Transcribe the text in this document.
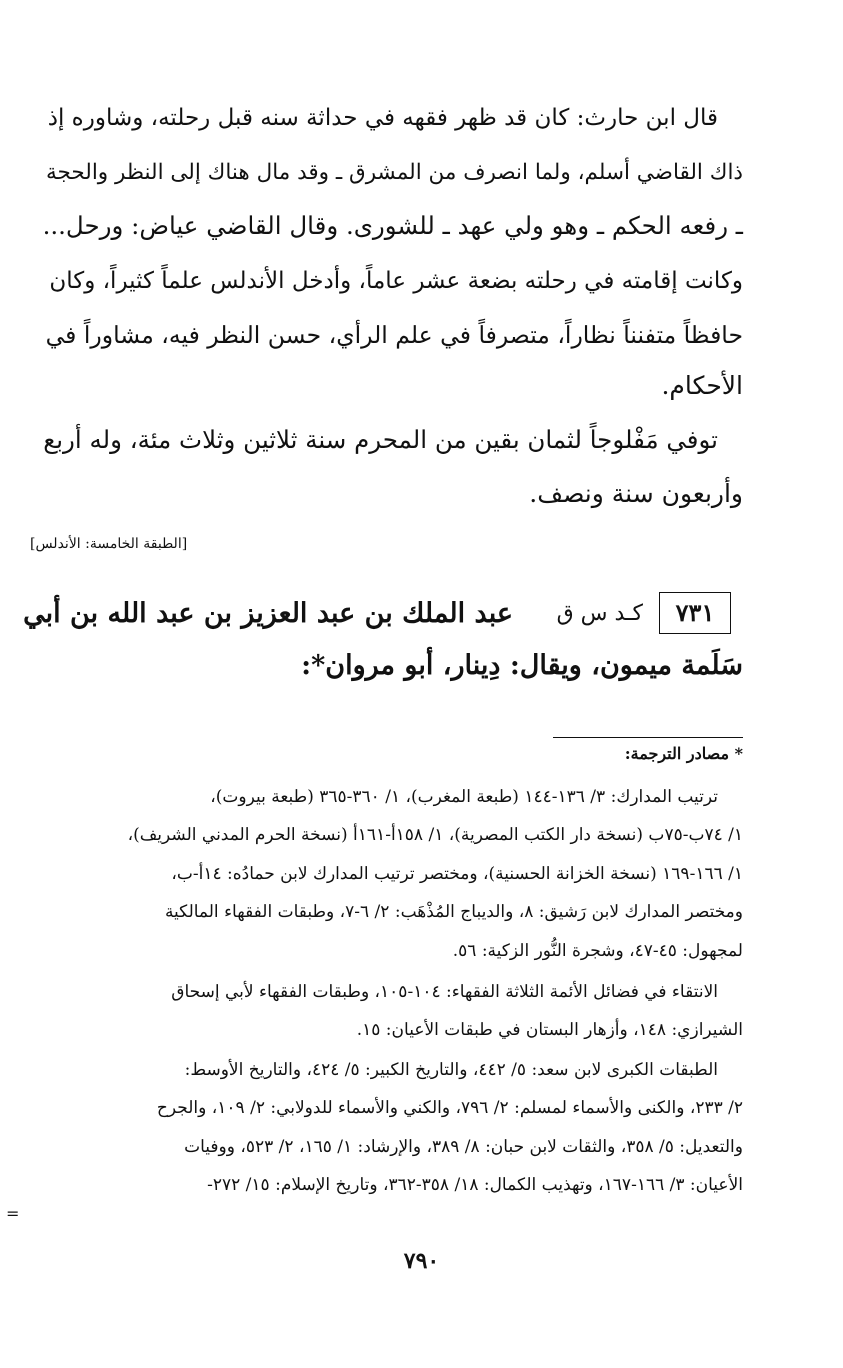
قال ابن حارث: كان قد ظهر فقهه في حداثة سنه قبل رحلته، وشاوره إذ
ذاك القاضي أسلم، ولما انصرف من المشرق ـ وقد مال هناك إلى النظر والحجة
ـ رفعه الحكم ـ وهو ولي عهد ـ للشورى. وقال القاضي عياض: ورحل...
وكانت إقامته في رحلته بضعة عشر عاماً، وأدخل الأندلس علماً كثيراً، وكان
حافظاً متفنناً نظاراً، متصرفاً في علم الرأي، حسن النظر فيه، مشاوراً في
الأحكام.
توفي مَفْلوجاً لثمان بقين من المحرم سنة ثلاثين وثلاث مئة، وله أربع
وأربعون سنة ونصف.
[الطبقة الخامسة: الأندلس]
٧٣١
كـد س ق
عبد الملك بن عبد العزيز بن عبد الله بن أبي
سَلَمة ميمون، ويقال: دِينار، أبو مروان*:
* مصادر الترجمة:
ترتيب المدارك: ٣/ ١٣٦-١٤٤ (طبعة المغرب)، ١/ ٣٦٠-٣٦٥ (طبعة بيروت)،
١/ ٧٤ب-٧٥ب (نسخة دار الكتب المصرية)، ١/ ١٥٨أ-١٦١أ (نسخة الحرم المدني الشريف)،
١/ ١٦٦-١٦٩ (نسخة الخزانة الحسنية)، ومختصر ترتيب المدارك لابن حمادُه: ١٤أ-ب،
ومختصر المدارك لابن رَشيق: ٨، والديباج المُذْهَب: ٢/ ٦-٧، وطبقات الفقهاء المالكية
لمجهول: ٤٥-٤٧، وشجرة النُّور الزكية: ٥٦.
الانتقاء في فضائل الأئمة الثلاثة الفقهاء: ١٠٤-١٠٥، وطبقات الفقهاء لأبي إسحاق
الشيرازي: ١٤٨، وأزهار البستان في طبقات الأعيان: ١٥.
الطبقات الكبرى لابن سعد: ٥/ ٤٤٢، والتاريخ الكبير: ٥/ ٤٢٤، والتاريخ الأوسط:
٢/ ٢٣٣، والكنى والأسماء لمسلم: ٢/ ٧٩٦، والكني والأسماء للدولابي: ٢/ ١٠٩، والجرح
والتعديل: ٥/ ٣٥٨، والثقات لابن حبان: ٨/ ٣٨٩، والإرشاد: ١/ ١٦٥، ٢/ ٥٢٣، ووفيات
الأعيان: ٣/ ١٦٦-١٦٧، وتهذيب الكمال: ١٨/ ٣٥٨-٣٦٢، وتاريخ الإسلام: ١٥/ ٢٧٢-
=
٧٩٠
